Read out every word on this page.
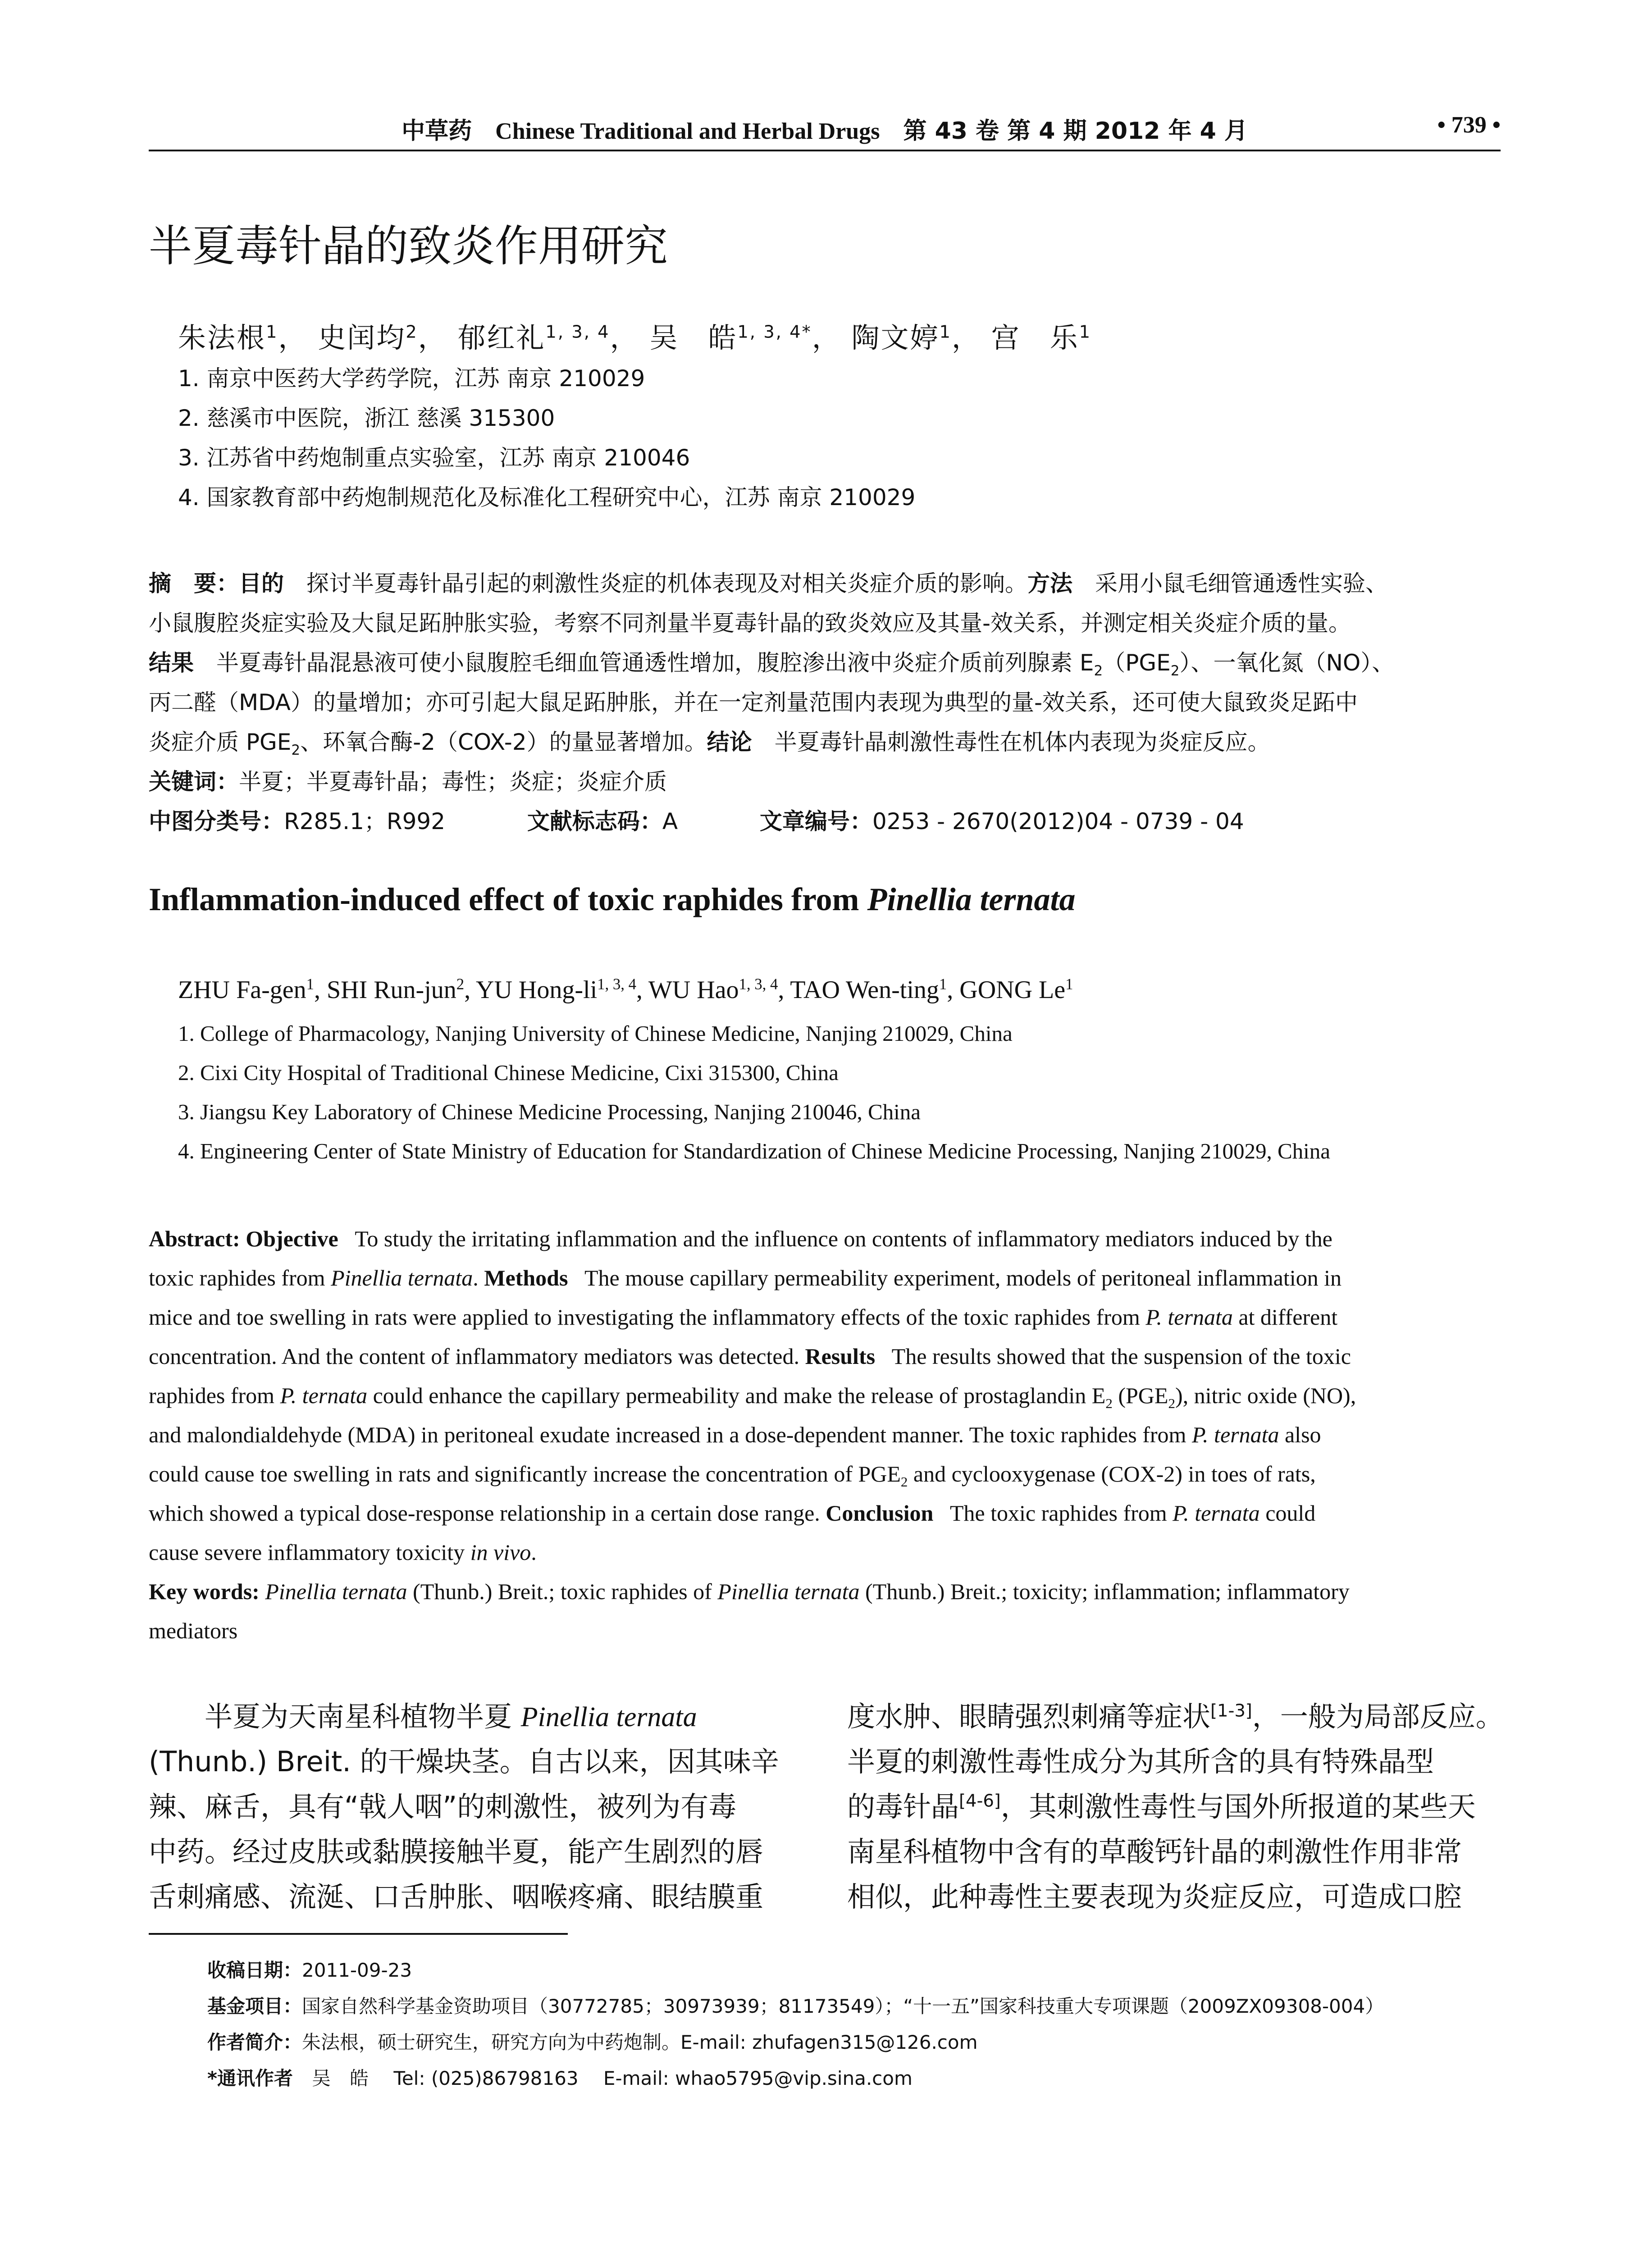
中草药 Chinese Traditional and Herbal Drugs 第 43 卷 第 4 期 2012 年 4 月	• 739 •
半夏毒针晶的致炎作用研究
朱法根$^1$， 史闰均$^2$， 郁红礼$^{1, 3, 4}$， 吴　皓$^{1, 3, 4*}$， 陶文婷$^1$， 宫　乐$^1$
1. 南京中医药大学药学院，江苏 南京 210029
2. 慈溪市中医院，浙江 慈溪 315300
3. 江苏省中药炮制重点实验室，江苏 南京 210046
4. 国家教育部中药炮制规范化及标准化工程研究中心，江苏 南京 210029
摘　要：目的　探讨半夏毒针晶引起的刺激性炎症的机体表现及对相关炎症介质的影响。方法　采用小鼠毛细管通透性实验、
小鼠腹腔炎症实验及大鼠足跖肿胀实验，考察不同剂量半夏毒针晶的致炎效应及其量-效关系，并测定相关炎症介质的量。
结果　半夏毒针晶混悬液可使小鼠腹腔毛细血管通透性增加，腹腔渗出液中炎症介质前列腺素 $E_2(PGE_2)$、一氧化氮（NO）、
丙二醛（MDA）的量增加；亦可引起大鼠足跖肿胀，并在一定剂量范围内表现为典型的量-效关系，还可使大鼠致炎足跖中
炎症介质 $PGE_2$、环氧合酶-2（COX-2）的量显著增加。结论　半夏毒针晶刺激性毒性在机体内表现为炎症反应。
关键词：半夏；半夏毒针晶；毒性；炎症；炎症介质
中图分类号：R285.1；R992	文献标志码：A	文章编号：0253 - 2670(2012)04 - 0739 - 04
Inflammation-induced effect of toxic raphides from Pinellia ternata
ZHU Fa-gen$^1$, SHI Run-jun$^2$, YU Hong-li$^{1, 3, 4}$, WU Hao$^{1, 3, 4}$, TAO Wen-ting$^1$, GONG Le$^1$
1. College of Pharmacology, Nanjing University of Chinese Medicine, Nanjing 210029, China
2. Cixi City Hospital of Traditional Chinese Medicine, Cixi 315300, China
3. Jiangsu Key Laboratory of Chinese Medicine Processing, Nanjing 210046, China
4. Engineering Center of State Ministry of Education for Standardization of Chinese Medicine Processing, Nanjing 210029, China
Abstract: Objective   To study the irritating inflammation and the influence on contents of inflammatory mediators induced by the
toxic raphides from Pinellia ternata. Methods   The mouse capillary permeability experiment, models of peritoneal inflammation in
mice and toe swelling in rats were applied to investigating the inflammatory effects of the toxic raphides from P. ternata at different
concentration. And the content of inflammatory mediators was detected. Results   The results showed that the suspension of the toxic
raphides from P. ternata could enhance the capillary permeability and make the release of prostaglandin $E_2$ $(PGE_2)$, nitric oxide (NO),
and malondialdehyde (MDA) in peritoneal exudate increased in a dose-dependent manner. The toxic raphides from P. ternata also
could cause toe swelling in rats and significantly increase the concentration of $PGE_2$ and cyclooxygenase (COX-2) in toes of rats,
which showed a typical dose-response relationship in a certain dose range. Conclusion   The toxic raphides from P. ternata could
cause severe inflammatory toxicity in vivo.
Key words: Pinellia ternata (Thunb.) Breit.; toxic raphides of Pinellia ternata (Thunb.) Breit.; toxicity; inflammation; inflammatory
mediators
　　半夏为天南星科植物半夏 Pinellia ternata
(Thunb.) Breit. 的干燥块茎。自古以来，因其味辛
辣、麻舌，具有“戟人咽”的刺激性，被列为有毒
中药。经过皮肤或黏膜接触半夏，能产生剧烈的唇
舌刺痛感、流涎、口舌肿胀、咽喉疼痛、眼结膜重
度水肿、眼睛强烈刺痛等症状[1-3]，一般为局部反应。
半夏的刺激性毒性成分为其所含的具有特殊晶型
的毒针晶[4-6]，其刺激性毒性与国外所报道的某些天
南星科植物中含有的草酸钙针晶的刺激性作用非常
相似，此种毒性主要表现为炎症反应，可造成口腔
收稿日期：2011-09-23
基金项目：国家自然科学基金资助项目（30772785；30973939；81173549）；“十一五”国家科技重大专项课题（2009ZX09308-004）
作者简介：朱法根，硕士研究生，研究方向为中药炮制。E-mail: zhufagen315@126.com
*通讯作者　吴　皓　 Tel: (025)86798163　 E-mail: whao5795@vip.sina.com
